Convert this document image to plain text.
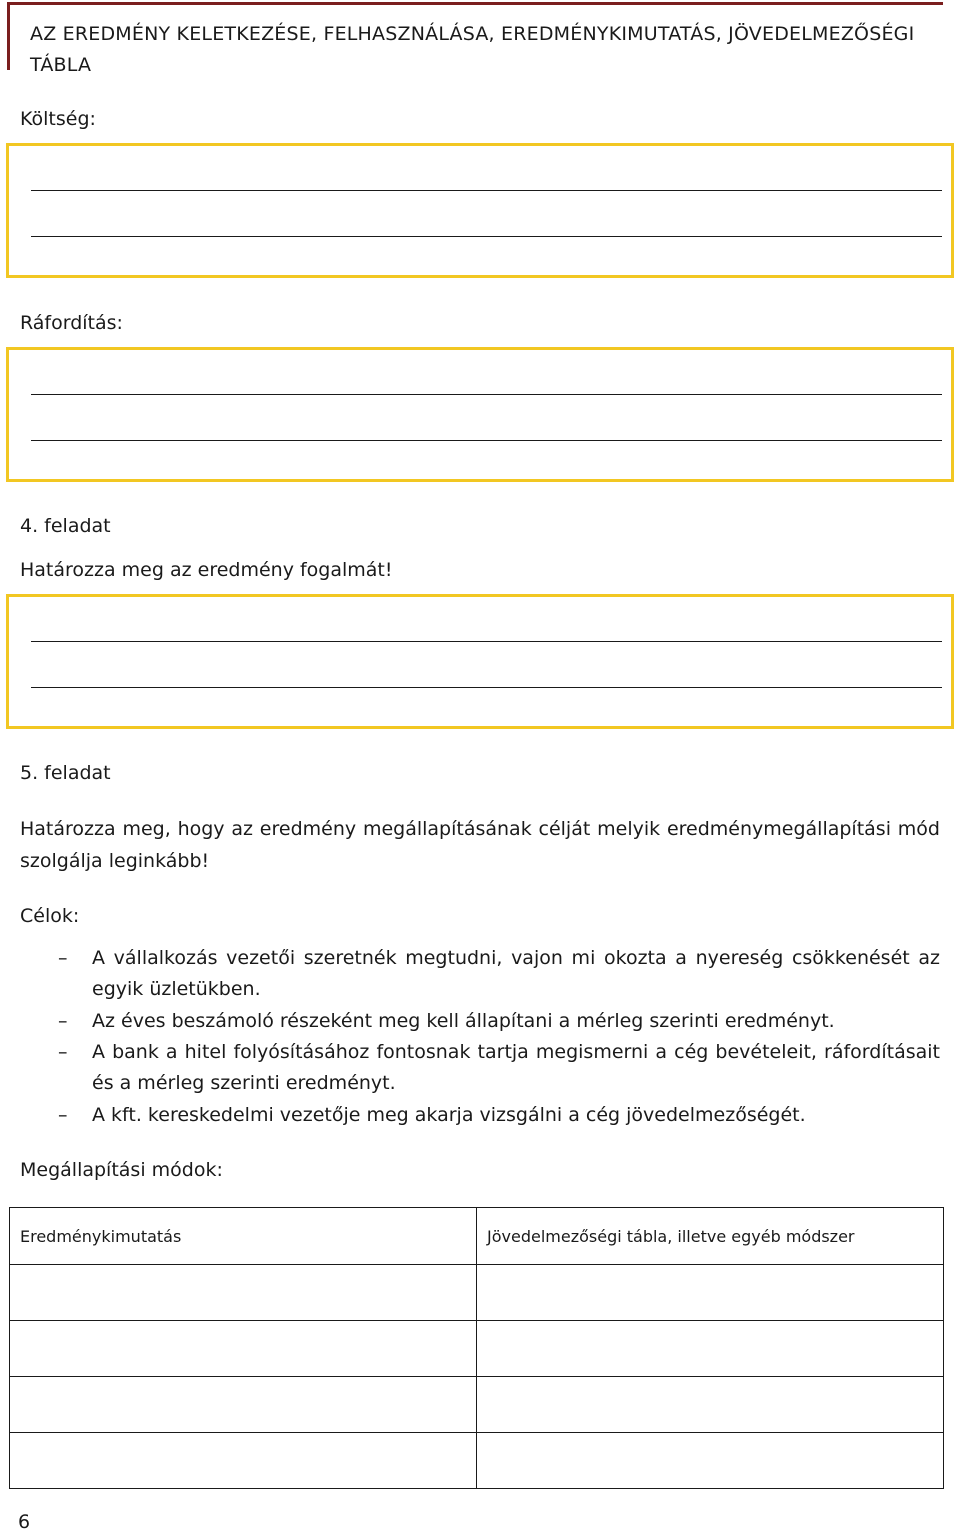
AZ EREDMÉNY KELETKEZÉSE, FELHASZNÁLÁSA, EREDMÉNYKIMUTATÁS, JÖVEDELMEZŐSÉGI TÁBLA
Költség:
Ráfordítás:
4. feladat
Határozza meg az eredmény fogalmát!
5. feladat
Határozza meg, hogy az eredmény megállapításának célját melyik eredménymegállapítási mód szolgálja leginkább!
Célok:
– A vállalkozás vezetői szeretnék megtudni, vajon mi okozta a nyereség csökkenését az egyik üzletükben.
– Az éves beszámoló részeként meg kell állapítani a mérleg szerinti eredményt.
– A bank a hitel folyósításához fontosnak tartja megismerni a cég bevételeit, ráfordításait és a mérleg szerinti eredményt.
– A kft. kereskedelmi vezetője meg akarja vizsgálni a cég jövedelmezőségét.
Megállapítási módok:
Eredménykimutatás	Jövedelmezőségi tábla, illetve egyéb módszer

6
